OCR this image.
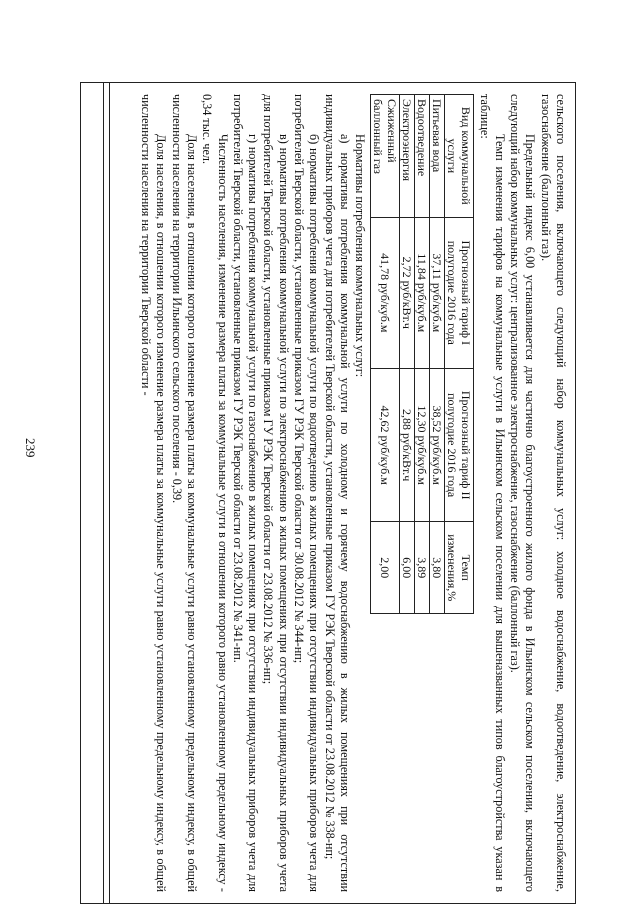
239	сельского поселения, включающего следующий набор коммунальных услуг: холодное водоснабжение, водоотведение, электроснабжение, газоснабжение (баллонный газ).

Предельный индекс 6,00 устанавливается для частично благоустроенного жилого фонда в Ильинском сельском поселении, включающего следующий набор коммунальных услуг: централизованное электроснабжение, газоснабжение (баллонный газ).

Темп изменения тарифов на коммунальные услуги в Ильинском сельском поселении для вышеназванных типов благоустройства указан в таблице:

Вид коммунальной услуги	Прогнозный тариф I полугодие 2016 года	Прогнозный тариф II полугодие 2016 года	Темп изменения,%
Питьевая вода	37,11 руб/куб.м	38,52 руб/куб.м	3,80
Водоотведение	11,84 руб/куб.м	12,30 руб/куб.м	3,89
Электроэнергия	2,72 руб/кВт.ч	2,88 руб/кВт.ч	6,00
Сжиженный баллонный газ	41,78 руб/куб.м	42,62 руб/куб.м	2,00

Нормативы потребления коммунальных услуг:

а) нормативы потребления коммунальной услуги по холодному и горячему водоснабжению в жилых помещениях при отсутствии индивидуальных приборов учета для потребителей Тверской области, установленные приказом ГУ РЭК Тверской области от 23.08.2012 № 338-нп;

б) нормативы потребления коммунальной услуги по водоотведению в жилых помещениях при отсутствии индивидуальных приборов учета для потребителей Тверской области, установленные приказом ГУ РЭК Тверской области от 30.08.2012 № 344-нп;

в) нормативы потребления коммунальной услуги по электроснабжению в жилых помещениях при отсутствии индивидуальных приборов учета для потребителей Тверской области, установленные приказом ГУ РЭК Тверской области от 23.08.2012 № 336-нп;

г) нормативы потребления коммунальной услуги по газоснабжению в жилых помещениях при отсутствии индивидуальных приборов учета для потребителей Тверской области, установленные приказом ГУ РЭК Тверской области от 23.08.2012 № 341-нп.

Численность населения, изменение размера платы за коммунальные услуги в отношении которого равно установленному предельному индексу - 0,34 тыс. чел.

Доля населения, в отношении которого изменение размера платы за коммунальные услуги равно установленному предельному индексу, в общей численности населения на территории Ильинского сельского поселения - 0,39.

Доля населения, в отношении которого изменение размера платы за коммунальные услуги равно установленному предельному индексу, в общей численности населения на территории Тверской области -
